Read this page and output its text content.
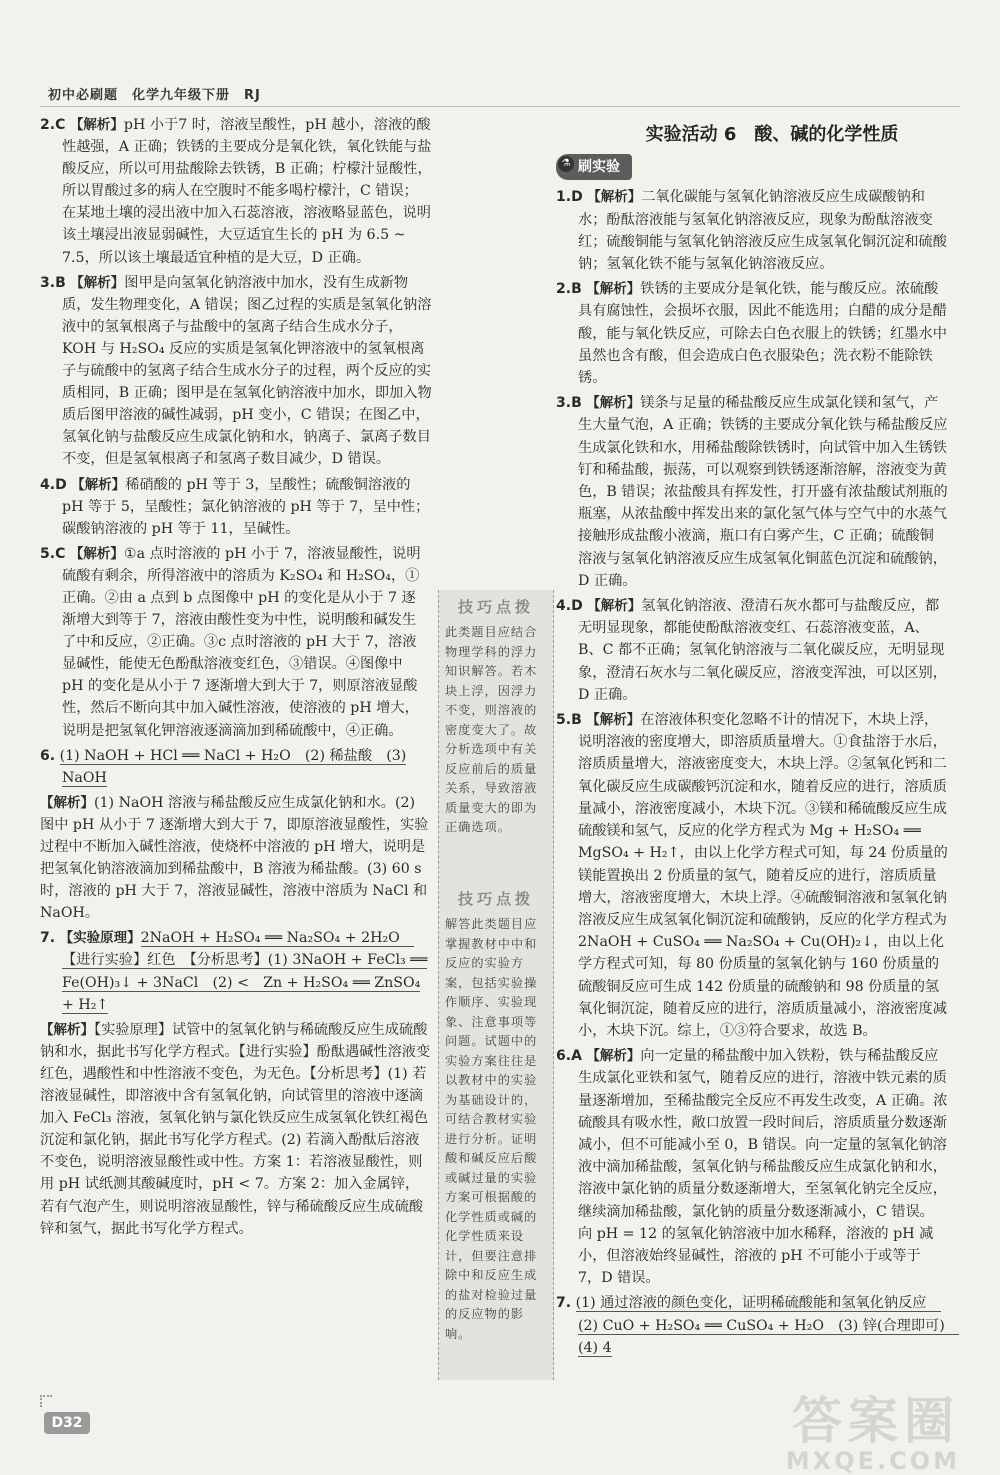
初中必刷题　化学九年级下册　RJ

2.C 【解析】pH 小于7 时，溶液呈酸性，pH 越小，溶液的酸性越强，A 正确；铁锈的主要成分是氧化铁，氧化铁能与盐酸反应，所以可用盐酸除去铁锈，B 正确；柠檬汁显酸性，所以胃酸过多的病人在空腹时不能多喝柠檬汁，C 错误；在某地土壤的浸出液中加入石蕊溶液，溶液略显蓝色，说明该土壤浸出液显弱碱性，大豆适宜生长的 pH 为 6.5 ~ 7.5，所以该土壤最适宜种植的是大豆，D 正确。

3.B 【解析】图甲是向氢氧化钠溶液中加水，没有生成新物质，发生物理变化，A 错误；图乙过程的实质是氢氧化钠溶液中的氢氧根离子与盐酸中的氢离子结合生成水分子，KOH 与 H₂SO₄ 反应的实质是氢氧化钾溶液中的氢氧根离子与硫酸中的氢离子结合生成水分子的过程，两个反应的实质相同，B 正确；图甲是在氢氧化钠溶液中加水，即加入物质后图甲溶液的碱性减弱，pH 变小，C 错误；在图乙中，氢氧化钠与盐酸反应生成氯化钠和水，钠离子、氯离子数目不变，但是氢氧根离子和氢离子数目减少，D 错误。

4.D 【解析】稀硝酸的 pH 等于 3，呈酸性；硫酸铜溶液的 pH 等于 5，呈酸性；氯化钠溶液的 pH 等于 7，呈中性；碳酸钠溶液的 pH 等于 11，呈碱性。

5.C 【解析】①a 点时溶液的 pH 小于 7，溶液显酸性，说明硫酸有剩余，所得溶液中的溶质为 K₂SO₄ 和 H₂SO₄，①正确。②由 a 点到 b 点图像中 pH 的变化是从小于 7 逐渐增大到等于 7，溶液由酸性变为中性，说明酸和碱发生了中和反应，②正确。③c 点时溶液的 pH 大于 7，溶液显碱性，能使无色酚酞溶液变红色，③错误。④图像中 pH 的变化是从小于 7 逐渐增大到大于 7，则原溶液显酸性，然后不断向其中加入碱性溶液，使溶液的 pH 增大，说明是把氢氧化钾溶液逐滴滴加到稀硫酸中，④正确。

6. (1) NaOH + HCl ══ NaCl + H₂O　(2) 稀盐酸　(3) NaOH

【解析】(1) NaOH 溶液与稀盐酸反应生成氯化钠和水。(2) 图中 pH 从小于 7 逐渐增大到大于 7，即原溶液显酸性，实验过程中不断加入碱性溶液，使烧杯中溶液的 pH 增大，说明是把氢氧化钠溶液滴加到稀盐酸中，B 溶液为稀盐酸。(3) 60 s 时，溶液的 pH 大于 7，溶液显碱性，溶液中溶质为 NaCl 和 NaOH。

7. 【实验原理】2NaOH + H₂SO₄ ══ Na₂SO₄ + 2H₂O　【进行实验】红色　【分析思考】(1) 3NaOH + FeCl₃ ══ Fe(OH)₃↓ + 3NaCl　(2) <　Zn + H₂SO₄ ══ ZnSO₄ + H₂↑

【解析】【实验原理】试管中的氢氧化钠与稀硫酸反应生成硫酸钠和水，据此书写化学方程式。【进行实验】酚酞遇碱性溶液变红色，遇酸性和中性溶液不变色，为无色。【分析思考】(1) 若溶液显碱性，即溶液中含有氢氧化钠，向试管里的溶液中逐滴加入 FeCl₃ 溶液，氢氧化钠与氯化铁反应生成氢氧化铁红褐色沉淀和氯化钠，据此书写化学方程式。(2) 若滴入酚酞后溶液不变色，说明溶液显酸性或中性。方案 1：若溶液显酸性，则用 pH 试纸测其酸碱度时，pH < 7。方案 2：加入金属锌，若有气泡产生，则说明溶液显酸性，锌与稀硫酸反应生成硫酸锌和氢气，据此书写化学方程式。

技巧点拨
此类题目应结合物理学科的浮力知识解答。若木块上浮，因浮力不变，则溶液的密度变大了。故分析选项中有关反应前后的质量关系，导致溶液质量变大的即为正确选项。
技巧点拨
解答此类题目应掌握教材中中和反应的实验方案，包括实验操作顺序、实验现象、注意事项等问题。试题中的实验方案往往是以教材中的实验为基础设计的，可结合教材实验进行分析。证明酸和碱反应后酸或碱过量的实验方案可根据酸的化学性质或碱的化学性质来设计，但要注意排除中和反应生成的盐对检验过量的反应物的影响。
实验活动 6　酸、碱的化学性质
⚗ 刷实验

1.D 【解析】二氧化碳能与氢氧化钠溶液反应生成碳酸钠和水；酚酞溶液能与氢氧化钠溶液反应，现象为酚酞溶液变红；硫酸铜能与氢氧化钠溶液反应生成氢氧化铜沉淀和硫酸钠；氢氧化铁不能与氢氧化钠溶液反应。

2.B 【解析】铁锈的主要成分是氧化铁，能与酸反应。浓硫酸具有腐蚀性，会损坏衣服，因此不能选用；白醋的成分是醋酸，能与氧化铁反应，可除去白色衣服上的铁锈；红墨水中虽然也含有酸，但会造成白色衣服染色；洗衣粉不能除铁锈。

3.B 【解析】镁条与足量的稀盐酸反应生成氯化镁和氢气，产生大量气泡，A 正确；铁锈的主要成分氧化铁与稀盐酸反应生成氯化铁和水，用稀盐酸除铁锈时，向试管中加入生锈铁钉和稀盐酸，振荡，可以观察到铁锈逐渐溶解，溶液变为黄色，B 错误；浓盐酸具有挥发性，打开盛有浓盐酸试剂瓶的瓶塞，从浓盐酸中挥发出来的氯化氢气体与空气中的水蒸气接触形成盐酸小液滴，瓶口有白雾产生，C 正确；硫酸铜溶液与氢氧化钠溶液反应生成氢氧化铜蓝色沉淀和硫酸钠，D 正确。

4.D 【解析】氢氧化钠溶液、澄清石灰水都可与盐酸反应，都无明显现象，都能使酚酞溶液变红、石蕊溶液变蓝，A、B、C 都不正确；氢氧化钠溶液与二氧化碳反应，无明显现象，澄清石灰水与二氧化碳反应，溶液变浑浊，可以区别，D 正确。

5.B 【解析】在溶液体积变化忽略不计的情况下，木块上浮，说明溶液的密度增大，即溶质质量增大。①食盐溶于水后，溶质质量增大，溶液密度变大，木块上浮。②氢氧化钙和二氧化碳反应生成碳酸钙沉淀和水，随着反应的进行，溶质质量减小，溶液密度减小，木块下沉。③镁和稀硫酸反应生成硫酸镁和氢气，反应的化学方程式为 Mg + H₂SO₄ ══ MgSO₄ + H₂↑，由以上化学方程式可知，每 24 份质量的镁能置换出 2 份质量的氢气，随着反应的进行，溶质质量增大，溶液密度增大，木块上浮。④硫酸铜溶液和氢氧化钠溶液反应生成氢氧化铜沉淀和硫酸钠，反应的化学方程式为 2NaOH + CuSO₄ ══ Na₂SO₄ + Cu(OH)₂↓，由以上化学方程式可知，每 80 份质量的氢氧化钠与 160 份质量的硫酸铜反应可生成 142 份质量的硫酸钠和 98 份质量的氢氧化铜沉淀，随着反应的进行，溶质质量减小，溶液密度减小，木块下沉。综上，①③符合要求，故选 B。

6.A 【解析】向一定量的稀盐酸中加入铁粉，铁与稀盐酸反应生成氯化亚铁和氢气，随着反应的进行，溶液中铁元素的质量逐渐增加，至稀盐酸完全反应不再发生改变，A 正确。浓硫酸具有吸水性，敞口放置一段时间后，溶质质量分数逐渐减小，但不可能减小至 0，B 错误。向一定量的氢氧化钠溶液中滴加稀盐酸，氢氧化钠与稀盐酸反应生成氯化钠和水，溶液中氯化钠的质量分数逐渐增大，至氢氧化钠完全反应，继续滴加稀盐酸，氯化钠的质量分数逐渐减小，C 错误。向 pH = 12 的氢氧化钠溶液中加水稀释，溶液的 pH 减小，但溶液始终显碱性，溶液的 pH 不可能小于或等于 7，D 错误。

7. (1) 通过溶液的颜色变化，证明稀硫酸能和氢氧化钠反应　(2) CuO + H₂SO₄ ══ CuSO₄ + H₂O　(3) 锌(合理即可)　(4) 4

D32	答案圈
MXQE.COM
